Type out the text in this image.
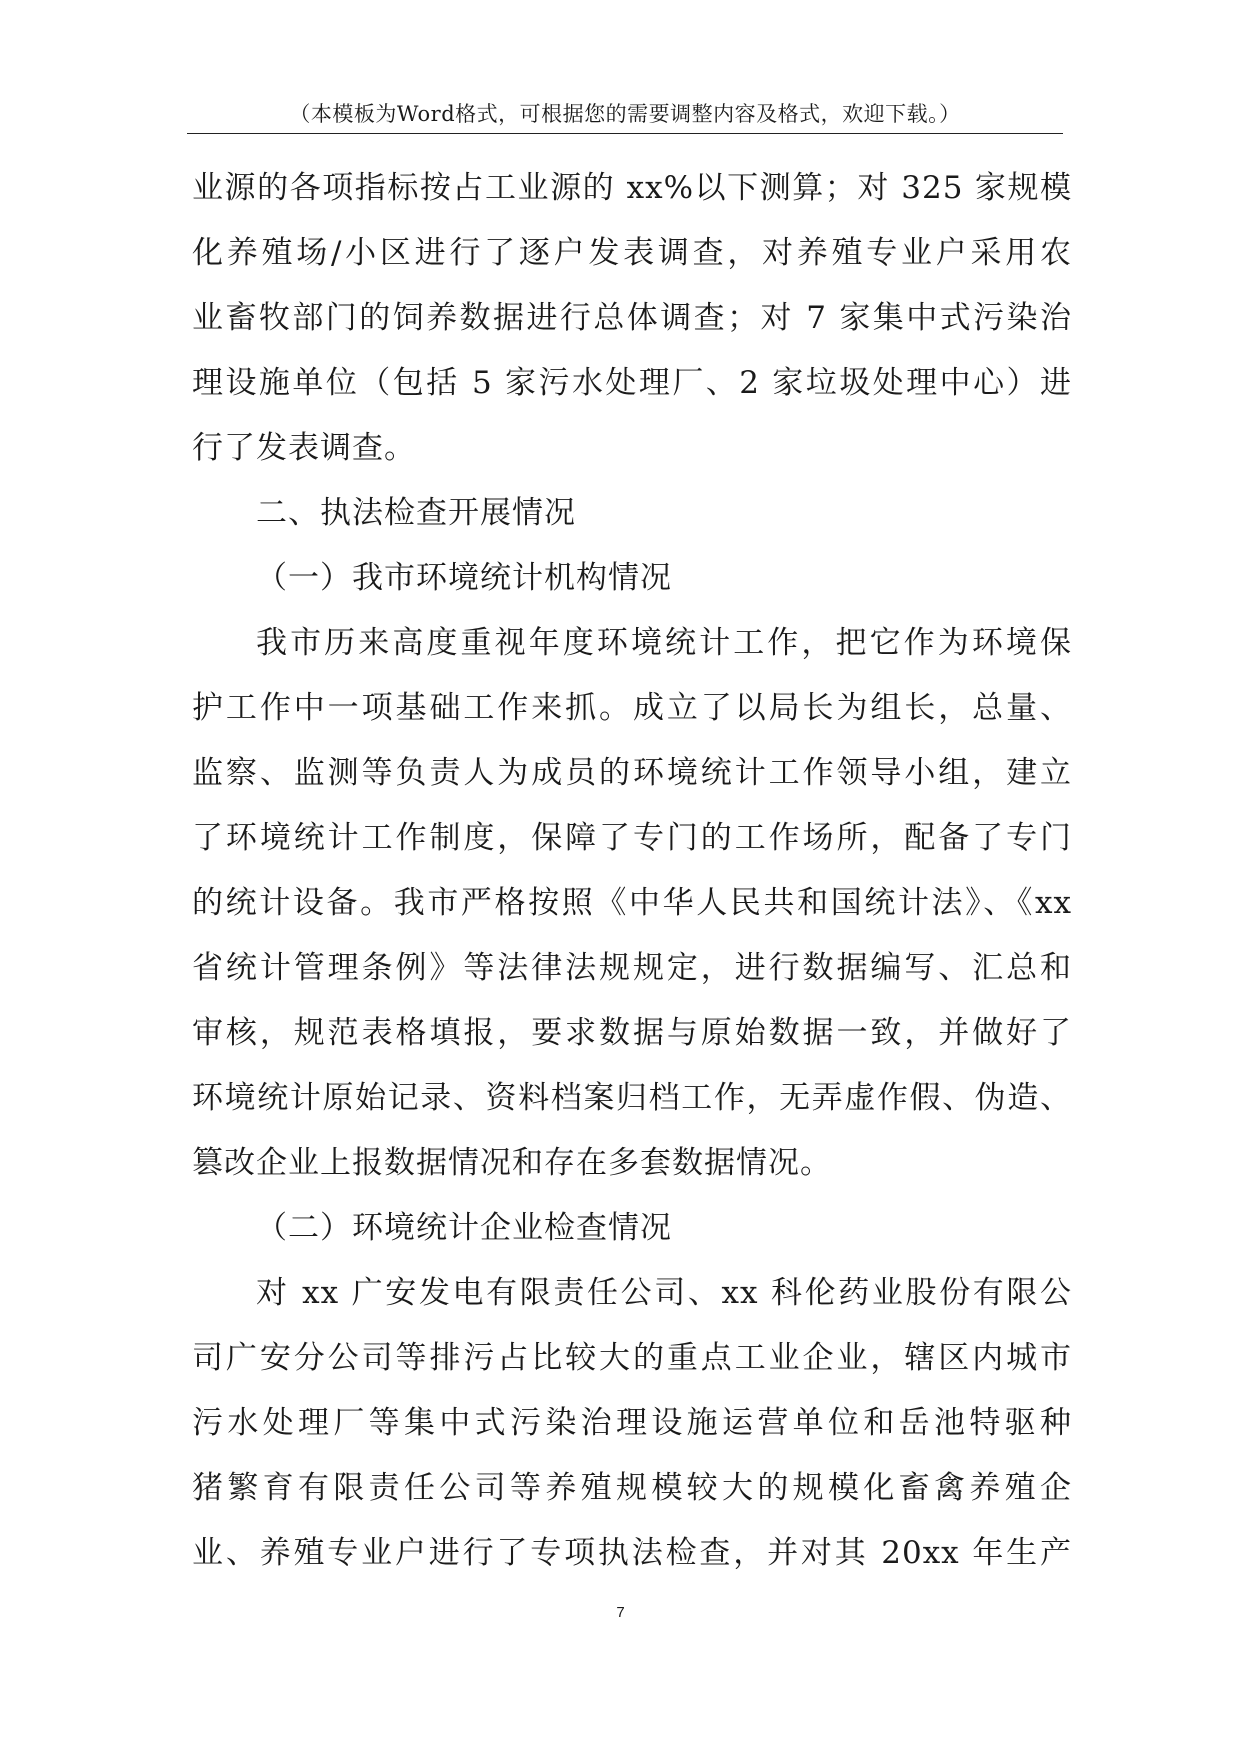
（本模板为Word格式，可根据您的需要调整内容及格式，欢迎下载。）
业源的各项指标按占工业源的 xx%以下测算；对 325 家规模
化养殖场/小区进行了逐户发表调查，对养殖专业户采用农
业畜牧部门的饲养数据进行总体调查；对 7 家集中式污染治
理设施单位（包括 5 家污水处理厂、2 家垃圾处理中心）进
行了发表调查。
二、执法检查开展情况
（一）我市环境统计机构情况
我市历来高度重视年度环境统计工作，把它作为环境保
护工作中一项基础工作来抓。成立了以局长为组长，总量、
监察、监测等负责人为成员的环境统计工作领导小组，建立
了环境统计工作制度，保障了专门的工作场所，配备了专门
的统计设备。我市严格按照《中华人民共和国统计法》、《xx
省统计管理条例》等法律法规规定，进行数据编写、汇总和
审核，规范表格填报，要求数据与原始数据一致，并做好了
环境统计原始记录、资料档案归档工作，无弄虚作假、伪造、
篡改企业上报数据情况和存在多套数据情况。
（二）环境统计企业检查情况
对 xx 广安发电有限责任公司、xx 科伦药业股份有限公
司广安分公司等排污占比较大的重点工业企业，辖区内城市
污水处理厂等集中式污染治理设施运营单位和岳池特驱种
猪繁育有限责任公司等养殖规模较大的规模化畜禽养殖企
业、养殖专业户进行了专项执法检查，并对其 20xx 年生产
7
